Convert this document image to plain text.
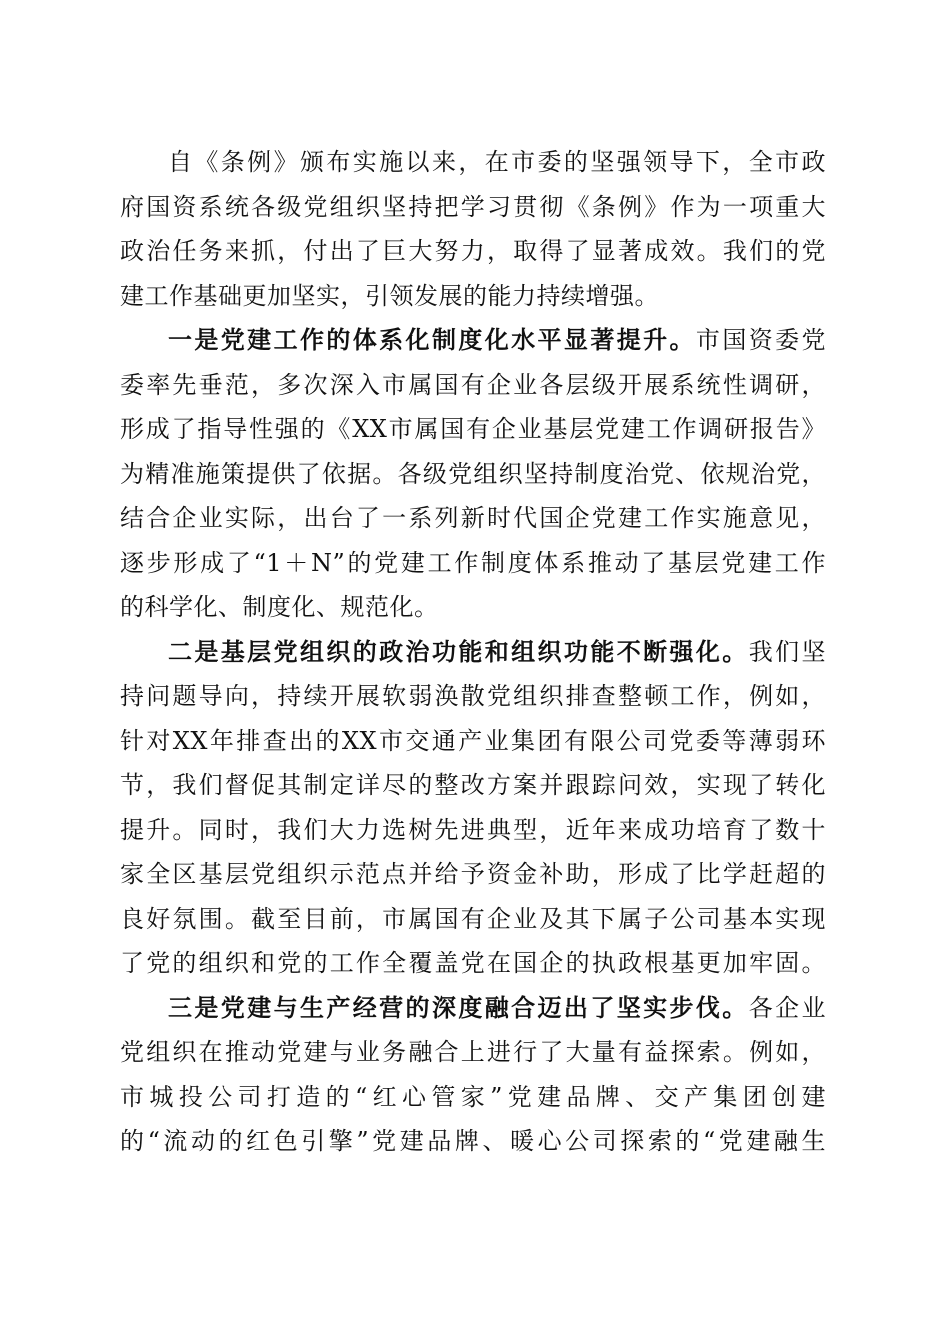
自《条例》颁布实施以来，在市委的坚强领导下，全市政
府国资系统各级党组织坚持把学习贯彻《条例》作为一项重大
政治任务来抓，付出了巨大努力，取得了显著成效。我们的党
建工作基础更加坚实，引领发展的能力持续增强。
一是党建工作的体系化制度化水平显著提升。市国资委党
委率先垂范，多次深入市属国有企业各层级开展系统性调研，
形成了指导性强的《XX市属国有企业基层党建工作调研报告》
为精准施策提供了依据。各级党组织坚持制度治党、依规治党，
结合企业实际，出台了一系列新时代国企党建工作实施意见，
逐步形成了“1＋N”的党建工作制度体系推动了基层党建工作
的科学化、制度化、规范化。
二是基层党组织的政治功能和组织功能不断强化。我们坚
持问题导向，持续开展软弱涣散党组织排查整顿工作，例如，
针对XX年排查出的XX市交通产业集团有限公司党委等薄弱环
节，我们督促其制定详尽的整改方案并跟踪问效，实现了转化
提升。同时，我们大力选树先进典型，近年来成功培育了数十
家全区基层党组织示范点并给予资金补助，形成了比学赶超的
良好氛围。截至目前，市属国有企业及其下属子公司基本实现
了党的组织和党的工作全覆盖党在国企的执政根基更加牢固。
三是党建与生产经营的深度融合迈出了坚实步伐。各企业
党组织在推动党建与业务融合上进行了大量有益探索。例如，
市城投公司打造的“红心管家”党建品牌、交产集团创建
的“流动的红色引擎”党建品牌、暖心公司探索的“党建融生
